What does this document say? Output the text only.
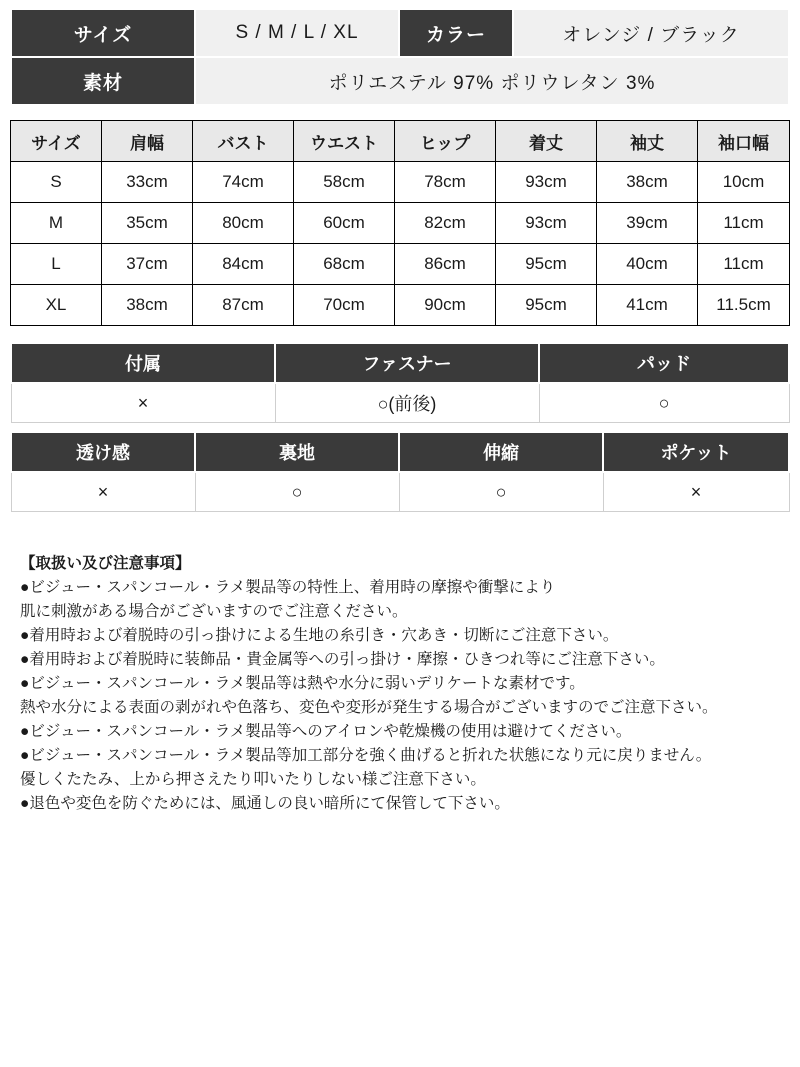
サイズ	S / M / L / XL	カラー	オレンジ / ブラック
素材	ポリエステル 97% ポリウレタン 3%		
サイズ	肩幅	バスト	ウエスト	ヒップ	着丈	袖丈	袖口幅
S	33cm	74cm	58cm	78cm	93cm	38cm	10cm
M	35cm	80cm	60cm	82cm	93cm	39cm	11cm
L	37cm	84cm	68cm	86cm	95cm	40cm	11cm
XL	38cm	87cm	70cm	90cm	95cm	41cm	11.5cm
付属	ファスナー	パッド
×	○(前後)	○
透け感	裏地	伸縮	ポケット
×	○	○	×
【取扱い及び注意事項】
●ビジュー・スパンコール・ラメ製品等の特性上、着用時の摩擦や衝撃により
肌に刺激がある場合がございますのでご注意ください。
●着用時および着脱時の引っ掛けによる生地の糸引き・穴あき・切断にご注意下さい。
●着用時および着脱時に装飾品・貴金属等への引っ掛け・摩擦・ひきつれ等にご注意下さい。
●ビジュー・スパンコール・ラメ製品等は熱や水分に弱いデリケートな素材です。
熱や水分による表面の剥がれや色落ち、変色や変形が発生する場合がございますのでご注意下さい。
●ビジュー・スパンコール・ラメ製品等へのアイロンや乾燥機の使用は避けてください。
●ビジュー・スパンコール・ラメ製品等加工部分を強く曲げると折れた状態になり元に戻りません。
優しくたたみ、上から押さえたり叩いたりしない様ご注意下さい。
●退色や変色を防ぐためには、風通しの良い暗所にて保管して下さい。
